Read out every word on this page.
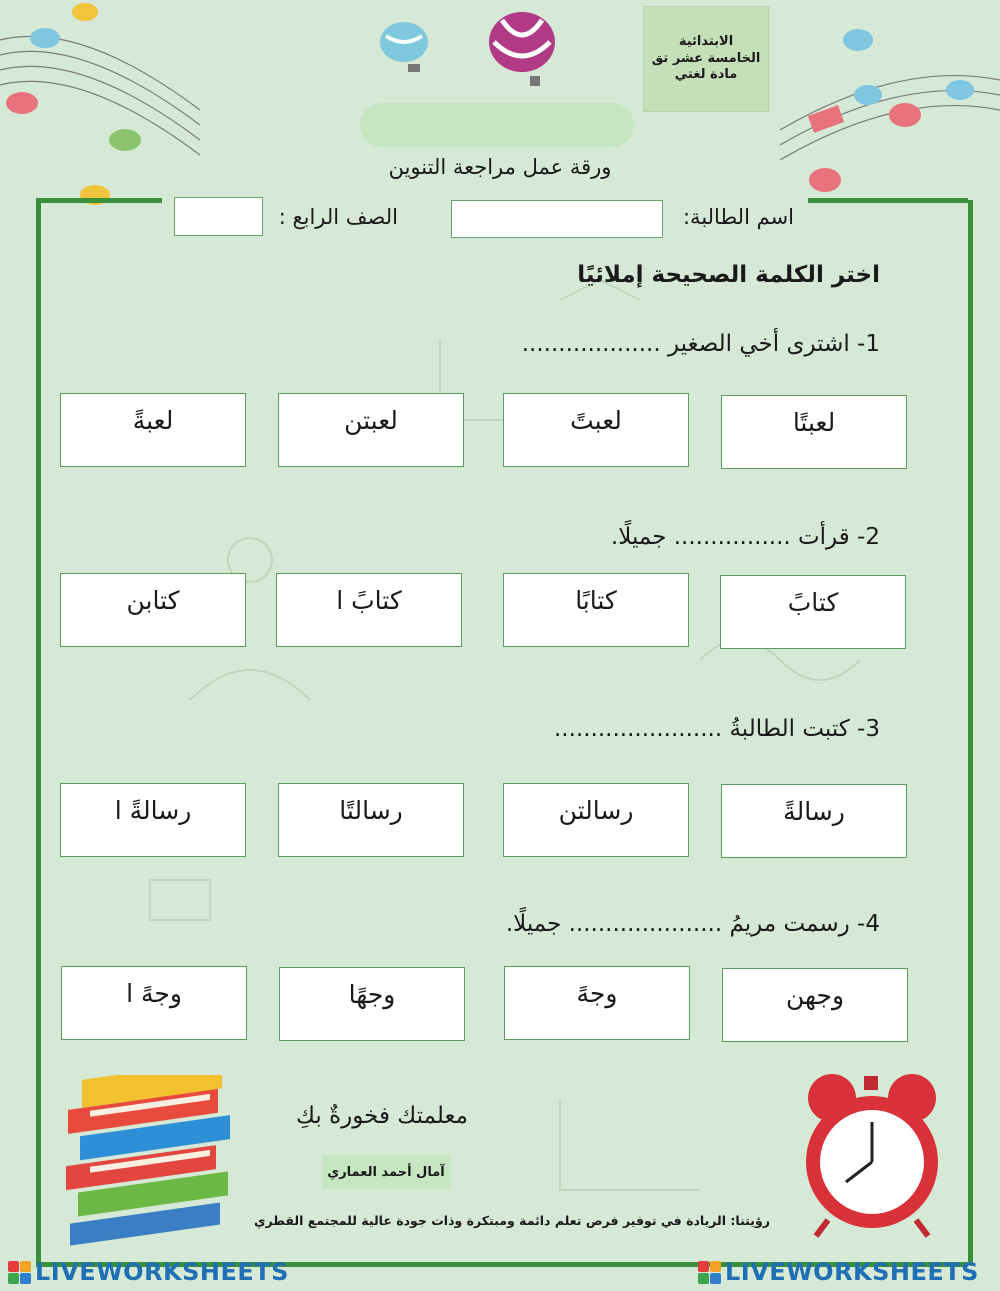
الابتدائية
الخامسة عشر تق
مادة لغتي
ورقة عمل مراجعة التنوين
اسم الطالبة:
الصف الرابع :
اختر الكلمة الصحيحة إملائيًا
1- اشترى أخي الصغير ...................
لعبتًا
لعبتً
لعبتن
لعبةً
2- قرأت ................ جميلًا.
كتابً
كتابًا
كتابً ا
كتابن
3- كتبت الطالبةُ .......................
رسالةً
رسالتن
رسالتًا
رسالةً ا
4- رسمت مريمُ ..................... جميلًا.
وجهن
وجهً
وجهًا
وجهً ا
معلمتك فخورةٌ بكِ
آمال أحمد العماري
رؤيتنا: الريادة في توفير فرص تعلم دائمة ومبتكرة وذات جودة عالية للمجتمع القطري
LIVEWORKSHEETS	LIVEWORKSHEETS
